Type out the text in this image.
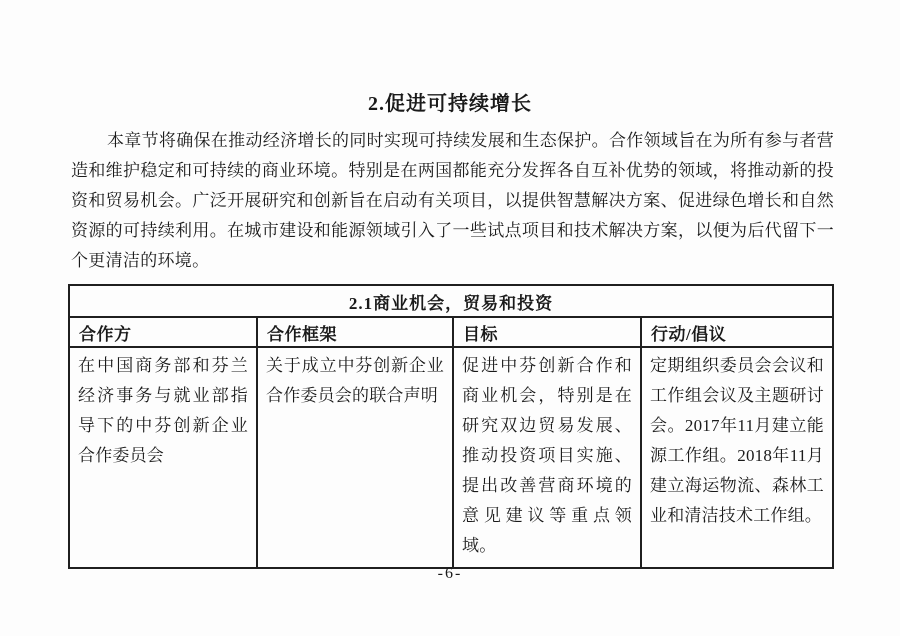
2.促进可持续增长
本章节将确保在推动经济增长的同时实现可持续发展和生态保护。合作领域旨在为所有参与者营造和维护稳定和可持续的商业环境。特别是在两国都能充分发挥各自互补优势的领域，将推动新的投资和贸易机会。广泛开展研究和创新旨在启动有关项目，以提供智慧解决方案、促进绿色增长和自然资源的可持续利用。在城市建设和能源领域引入了一些试点项目和技术解决方案，以便为后代留下一个更清洁的环境。
2.1商业机会，贸易和投资			
合作方	合作框架	目标	行动/倡议
在中国商务部和芬兰经济事务与就业部指导下的中芬创新企业合作委员会	关于成立中芬创新企业合作委员会的联合声明	促进中芬创新合作和商业机会，特别是在研究双边贸易发展、推动投资项目实施、提出改善营商环境的意见建议等重点领域。	定期组织委员会会议和工作组会议及主题研讨会。2017年11月建立能源工作组。2018年11月建立海运物流、森林工业和清洁技术工作组。
-6-
